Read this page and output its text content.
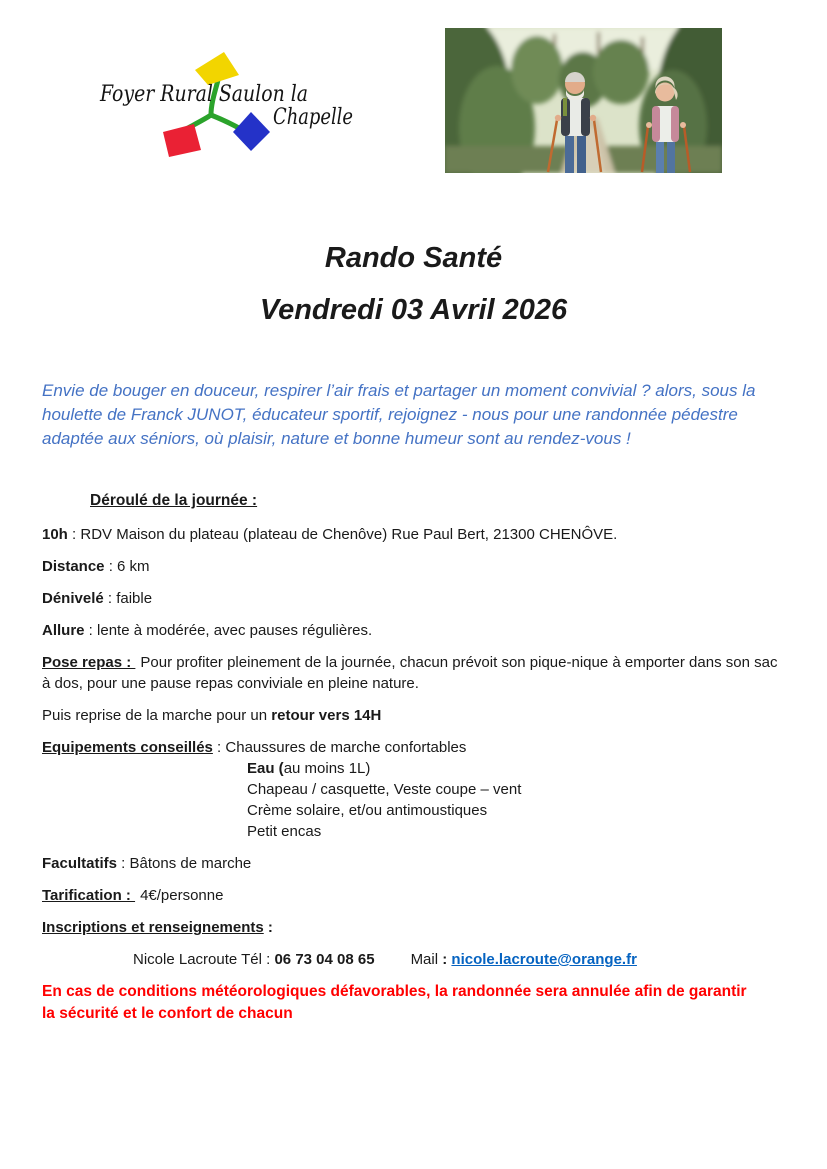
Foyer Rural Saulon la
Chapelle

Rando Santé

Vendredi 03 Avril 2026

Envie de bouger en douceur, respirer l’air frais et partager un moment convivial ? alors, sous la houlette de Franck JUNOT, éducateur sportif, rejoignez - nous pour une randonnée pédestre adaptée aux séniors, où plaisir, nature et bonne humeur sont au rendez-vous !

Déroulé de la journée :

10h : RDV Maison du plateau (plateau de Chenôve) Rue Paul Bert, 21300 CHENÔVE.

Distance : 6 km

Dénivelé : faible

Allure : lente à modérée, avec pauses régulières.

Pose repas : Pour profiter pleinement de la journée, chacun prévoit son pique-nique à emporter dans son sac à dos, pour une pause repas conviviale en pleine nature.

Puis reprise de la marche pour un retour vers 14H

Equipements conseillés : Chaussures de marche confortables
Eau (au moins 1L)
Chapeau / casquette, Veste coupe – vent
Crème solaire, et/ou antimoustiques
Petit encas

Facultatifs : Bâtons de marche

Tarification : 4€/personne

Inscriptions et renseignements :

Nicole Lacroute Tél : 06 73 04 08 65 Mail : nicole.lacroute@orange.fr

En cas de conditions météorologiques défavorables, la randonnée sera annulée afin de garantir la sécurité et le confort de chacun
